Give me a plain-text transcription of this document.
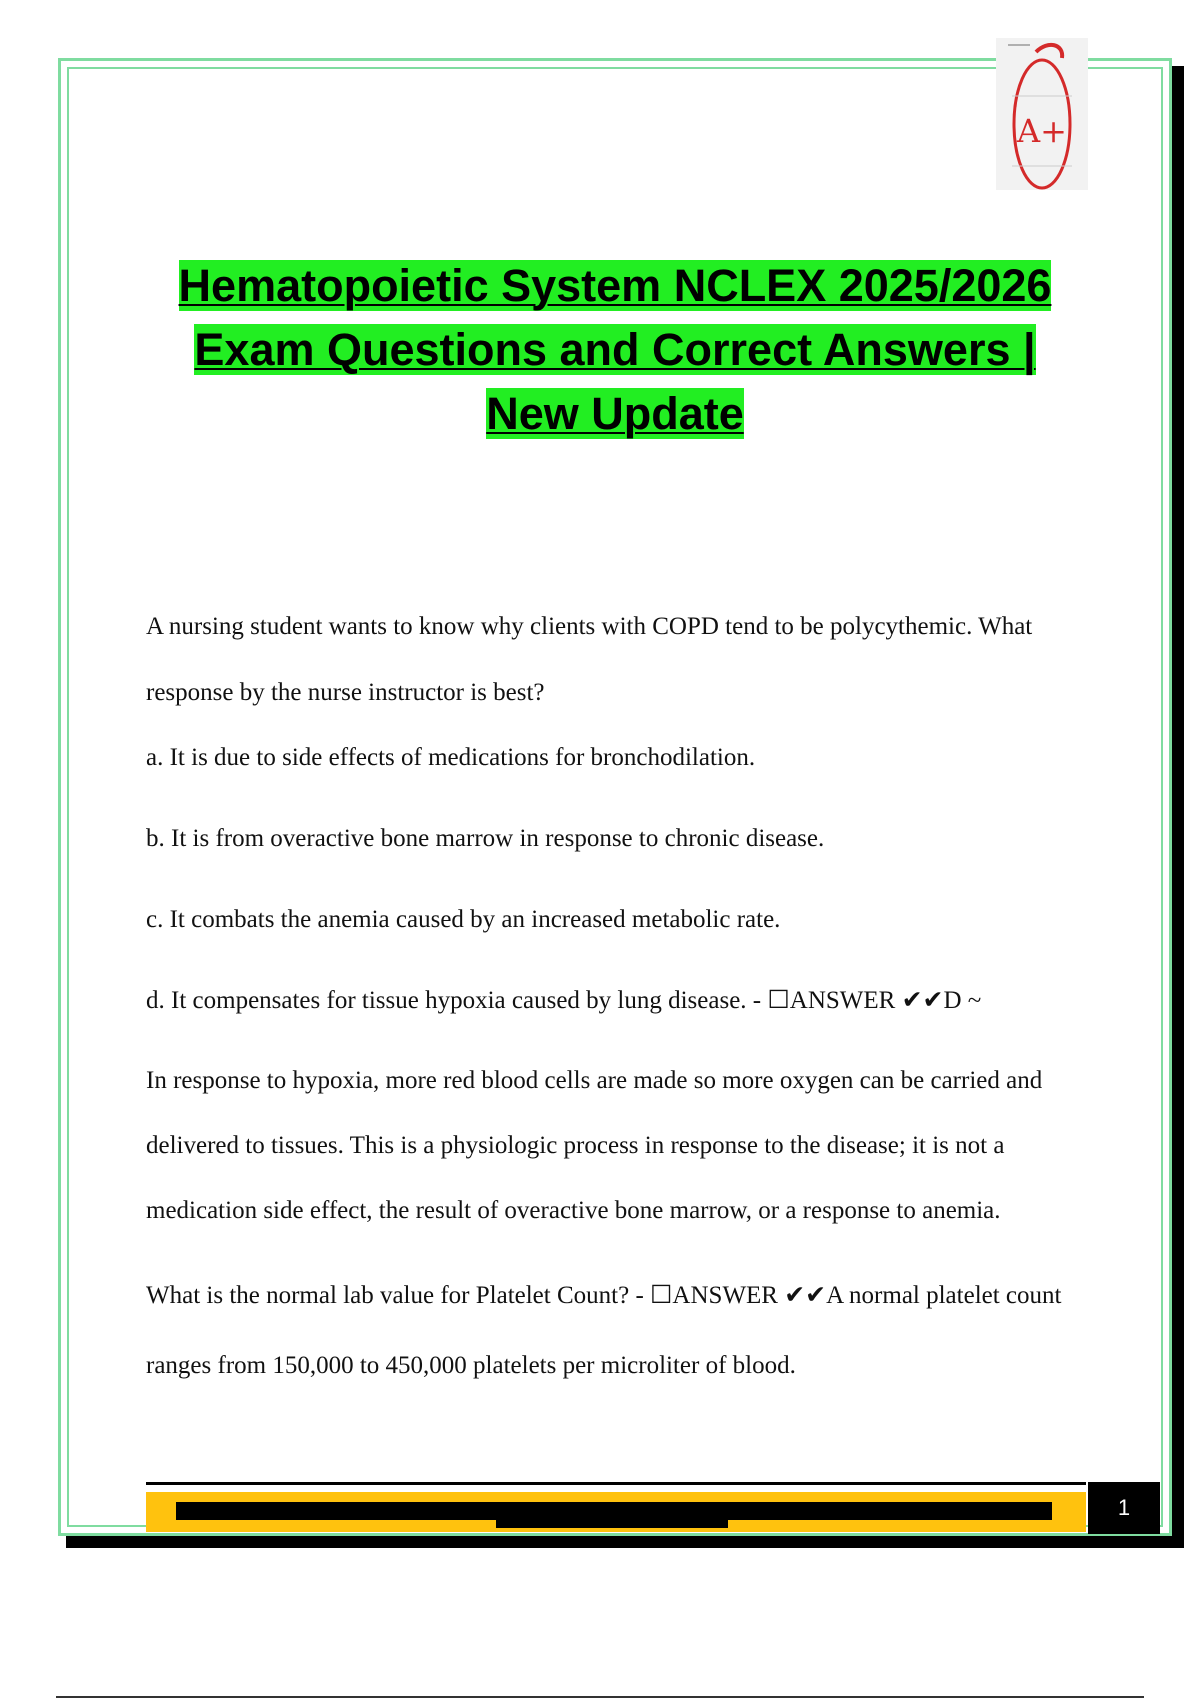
A+
Hematopoietic System NCLEX 2025/2026
Exam Questions and Correct Answers |
New Update

A nursing student wants to know why clients with COPD tend to be polycythemic. What response by the nurse instructor is best?

a. It is due to side effects of medications for bronchodilation.

b. It is from overactive bone marrow in response to chronic disease.

c. It combats the anemia caused by an increased metabolic rate.

d. It compensates for tissue hypoxia caused by lung disease. - ☐ANSWER ✔✔D ~

In response to hypoxia, more red blood cells are made so more oxygen can be carried and delivered to tissues. This is a physiologic process in response to the disease; it is not a medication side effect, the result of overactive bone marrow, or a response to anemia.

What is the normal lab value for Platelet Count? - ☐ANSWER ✔✔A normal platelet count ranges from 150,000 to 450,000 platelets per microliter of blood.

1
